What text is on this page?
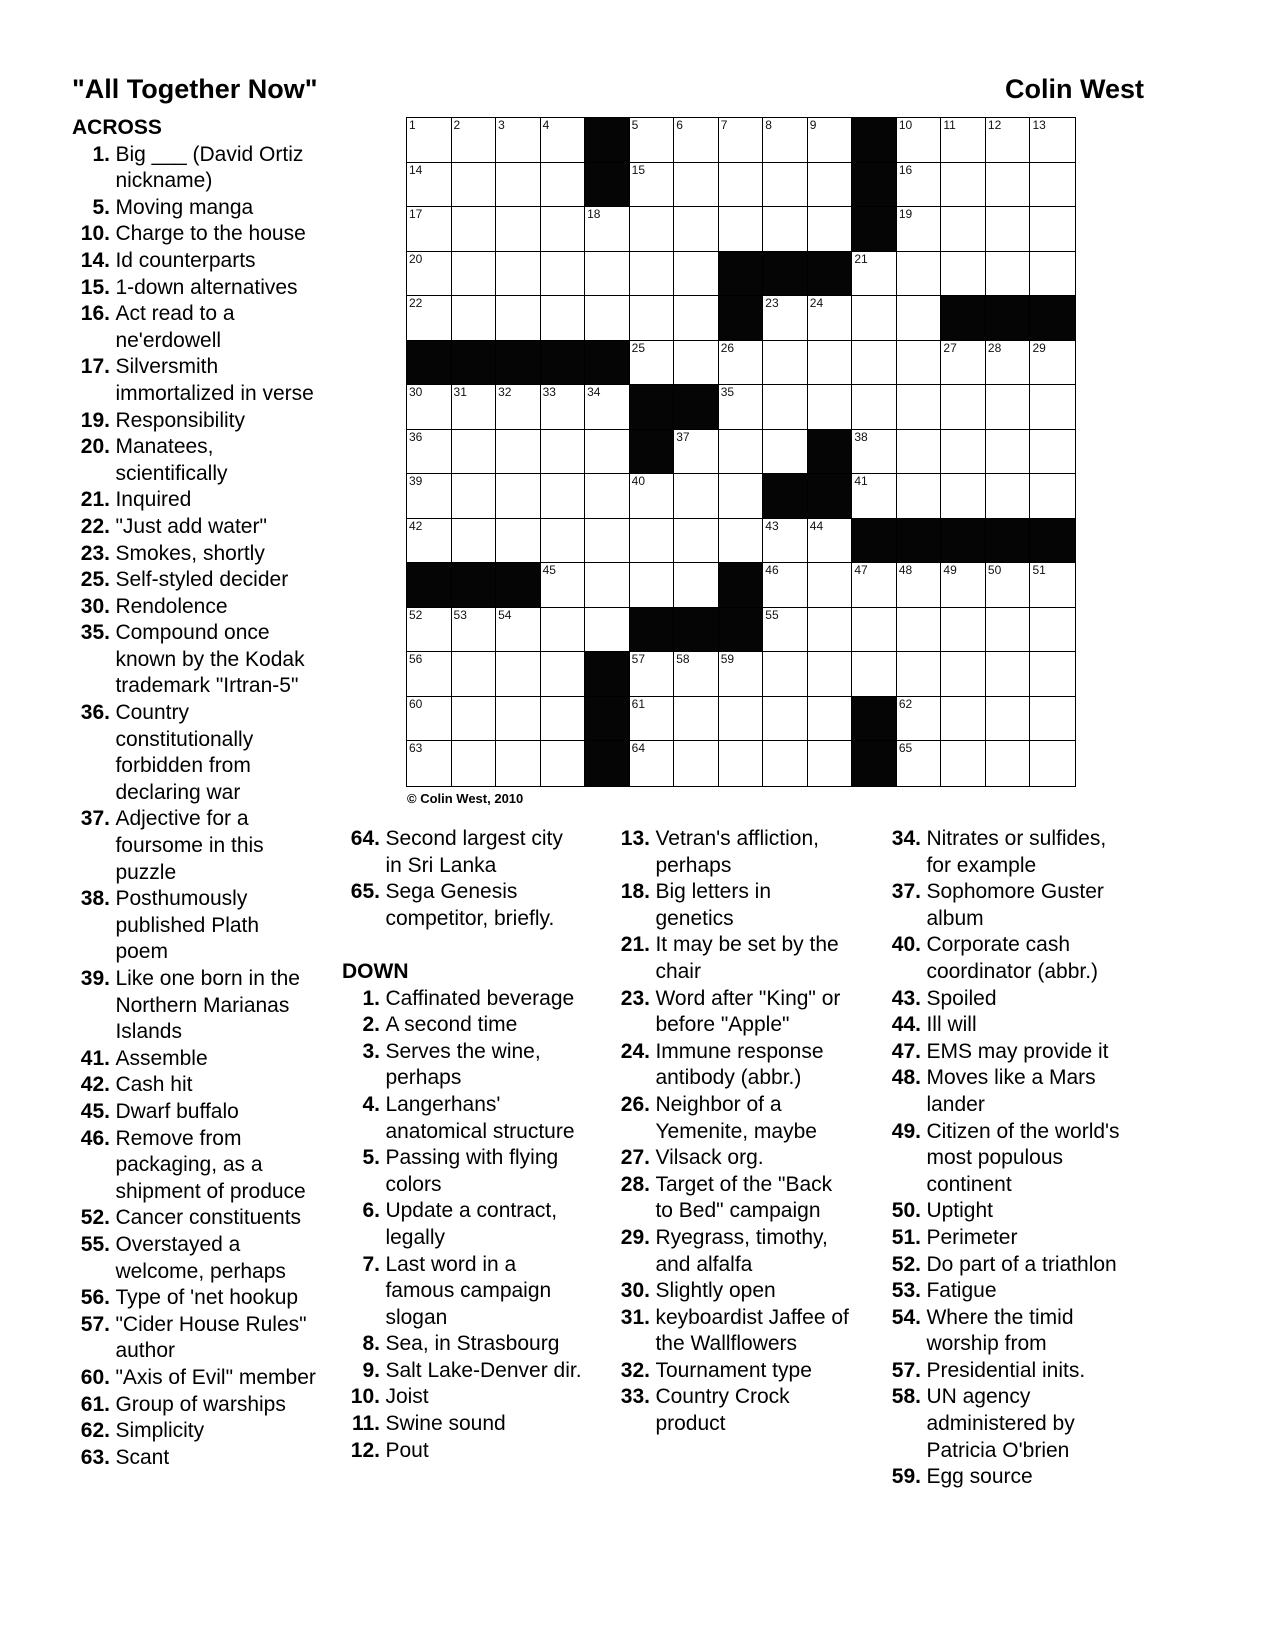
"All Together Now"	Colin West
1	2	3	4	5	6	7	8	9	10	11	12	13
14	15	16
17	18	19
20	21
22	23	24
25	26	27	28	29
30	31	32	33	34	35
36	37	38
39	40	41
42	43	44
45	46	47	48	49	50	51
52	53	54	55
56	57	58	59
60	61	62
63	64	65
© Colin West, 2010
ACROSS
1. Big ___ (David Ortiz
nickname)
5. Moving manga
10. Charge to the house
14. Id counterparts
15. 1-down alternatives
16. Act read to a
ne'erdowell
17. Silversmith
immortalized in verse
19. Responsibility
20. Manatees,
scientifically
21. Inquired
22. "Just add water"
23. Smokes, shortly
25. Self-styled decider
30. Rendolence
35. Compound once
known by the Kodak
trademark "Irtran-5"
36. Country
constitutionally
forbidden from
declaring war
37. Adjective for a
foursome in this
puzzle
38. Posthumously
published Plath
poem
39. Like one born in the
Northern Marianas
Islands
41. Assemble
42. Cash hit
45. Dwarf buffalo
46. Remove from
packaging, as a
shipment of produce
52. Cancer constituents
55. Overstayed a
welcome, perhaps
56. Type of 'net hookup
57. "Cider House Rules"
author
60. "Axis of Evil" member
61. Group of warships
62. Simplicity
63. Scant
64. Second largest city
in Sri Lanka
65. Sega Genesis
competitor, briefly.
DOWN
1. Caffinated beverage
2. A second time
3. Serves the wine,
perhaps
4. Langerhans'
anatomical structure
5. Passing with flying
colors
6. Update a contract,
legally
7. Last word in a
famous campaign
slogan
8. Sea, in Strasbourg
9. Salt Lake-Denver dir.
10. Joist
11. Swine sound
12. Pout
13. Vetran's affliction,
perhaps
18. Big letters in
genetics
21. It may be set by the
chair
23. Word after "King" or
before "Apple"
24. Immune response
antibody (abbr.)
26. Neighbor of a
Yemenite, maybe
27. Vilsack org.
28. Target of the "Back
to Bed" campaign
29. Ryegrass, timothy,
and alfalfa
30. Slightly open
31. keyboardist Jaffee of
the Wallflowers
32. Tournament type
33. Country Crock
product
34. Nitrates or sulfides,
for example
37. Sophomore Guster
album
40. Corporate cash
coordinator (abbr.)
43. Spoiled
44. Ill will
47. EMS may provide it
48. Moves like a Mars
lander
49. Citizen of the world's
most populous
continent
50. Uptight
51. Perimeter
52. Do part of a triathlon
53. Fatigue
54. Where the timid
worship from
57. Presidential inits.
58. UN agency
administered by
Patricia O'brien
59. Egg source
